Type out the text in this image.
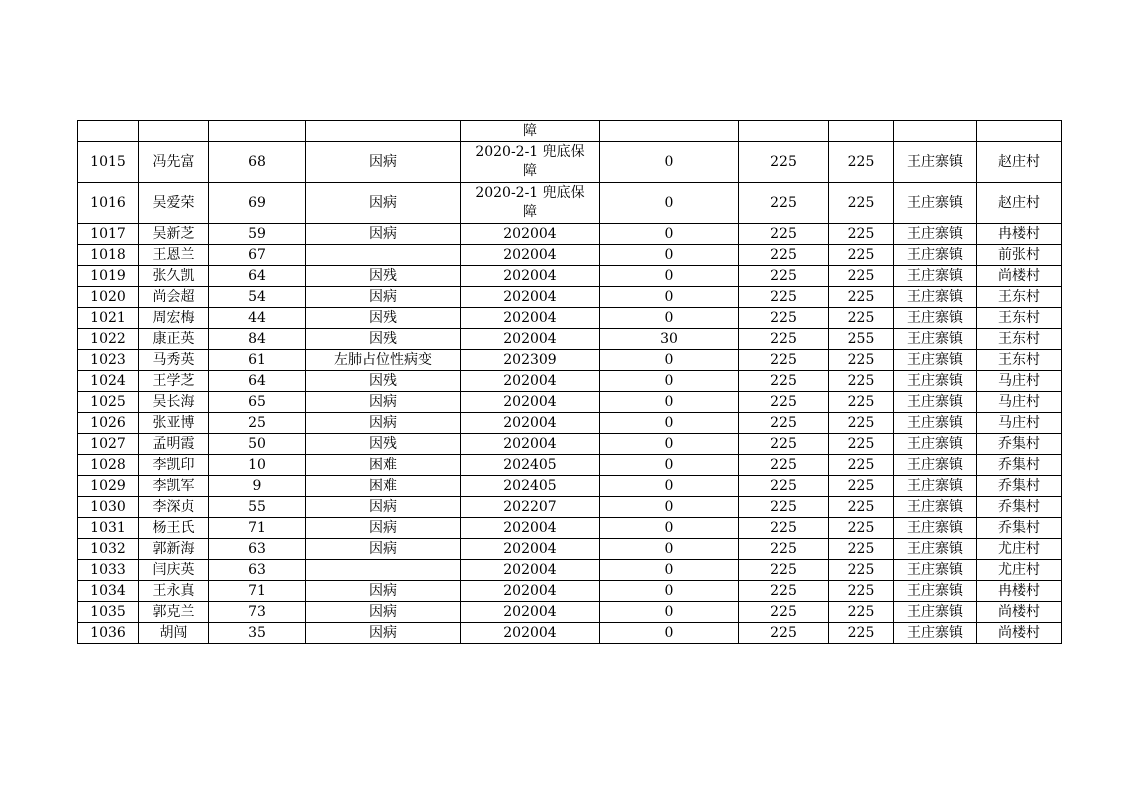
				障					
1015	冯先富	68	因病	2020-2-1 兜底保障	0	225	225	王庄寨镇	赵庄村
1016	吴爱荣	69	因病	2020-2-1 兜底保障	0	225	225	王庄寨镇	赵庄村
1017	吴新芝	59	因病	202004	0	225	225	王庄寨镇	冉楼村
1018	王恩兰	67		202004	0	225	225	王庄寨镇	前张村
1019	张久凯	64	因残	202004	0	225	225	王庄寨镇	尚楼村
1020	尚会超	54	因病	202004	0	225	225	王庄寨镇	王东村
1021	周宏梅	44	因残	202004	0	225	225	王庄寨镇	王东村
1022	康正英	84	因残	202004	30	225	255	王庄寨镇	王东村
1023	马秀英	61	左肺占位性病变	202309	0	225	225	王庄寨镇	王东村
1024	王学芝	64	因残	202004	0	225	225	王庄寨镇	马庄村
1025	吴长海	65	因病	202004	0	225	225	王庄寨镇	马庄村
1026	张亚博	25	因病	202004	0	225	225	王庄寨镇	马庄村
1027	孟明霞	50	因残	202004	0	225	225	王庄寨镇	乔集村
1028	李凯印	10	困难	202405	0	225	225	王庄寨镇	乔集村
1029	李凯军	9	困难	202405	0	225	225	王庄寨镇	乔集村
1030	李深贞	55	因病	202207	0	225	225	王庄寨镇	乔集村
1031	杨王氏	71	因病	202004	0	225	225	王庄寨镇	乔集村
1032	郭新海	63	因病	202004	0	225	225	王庄寨镇	尤庄村
1033	闫庆英	63		202004	0	225	225	王庄寨镇	尤庄村
1034	王永真	71	因病	202004	0	225	225	王庄寨镇	冉楼村
1035	郭克兰	73	因病	202004	0	225	225	王庄寨镇	尚楼村
1036	胡闯	35	因病	202004	0	225	225	王庄寨镇	尚楼村
